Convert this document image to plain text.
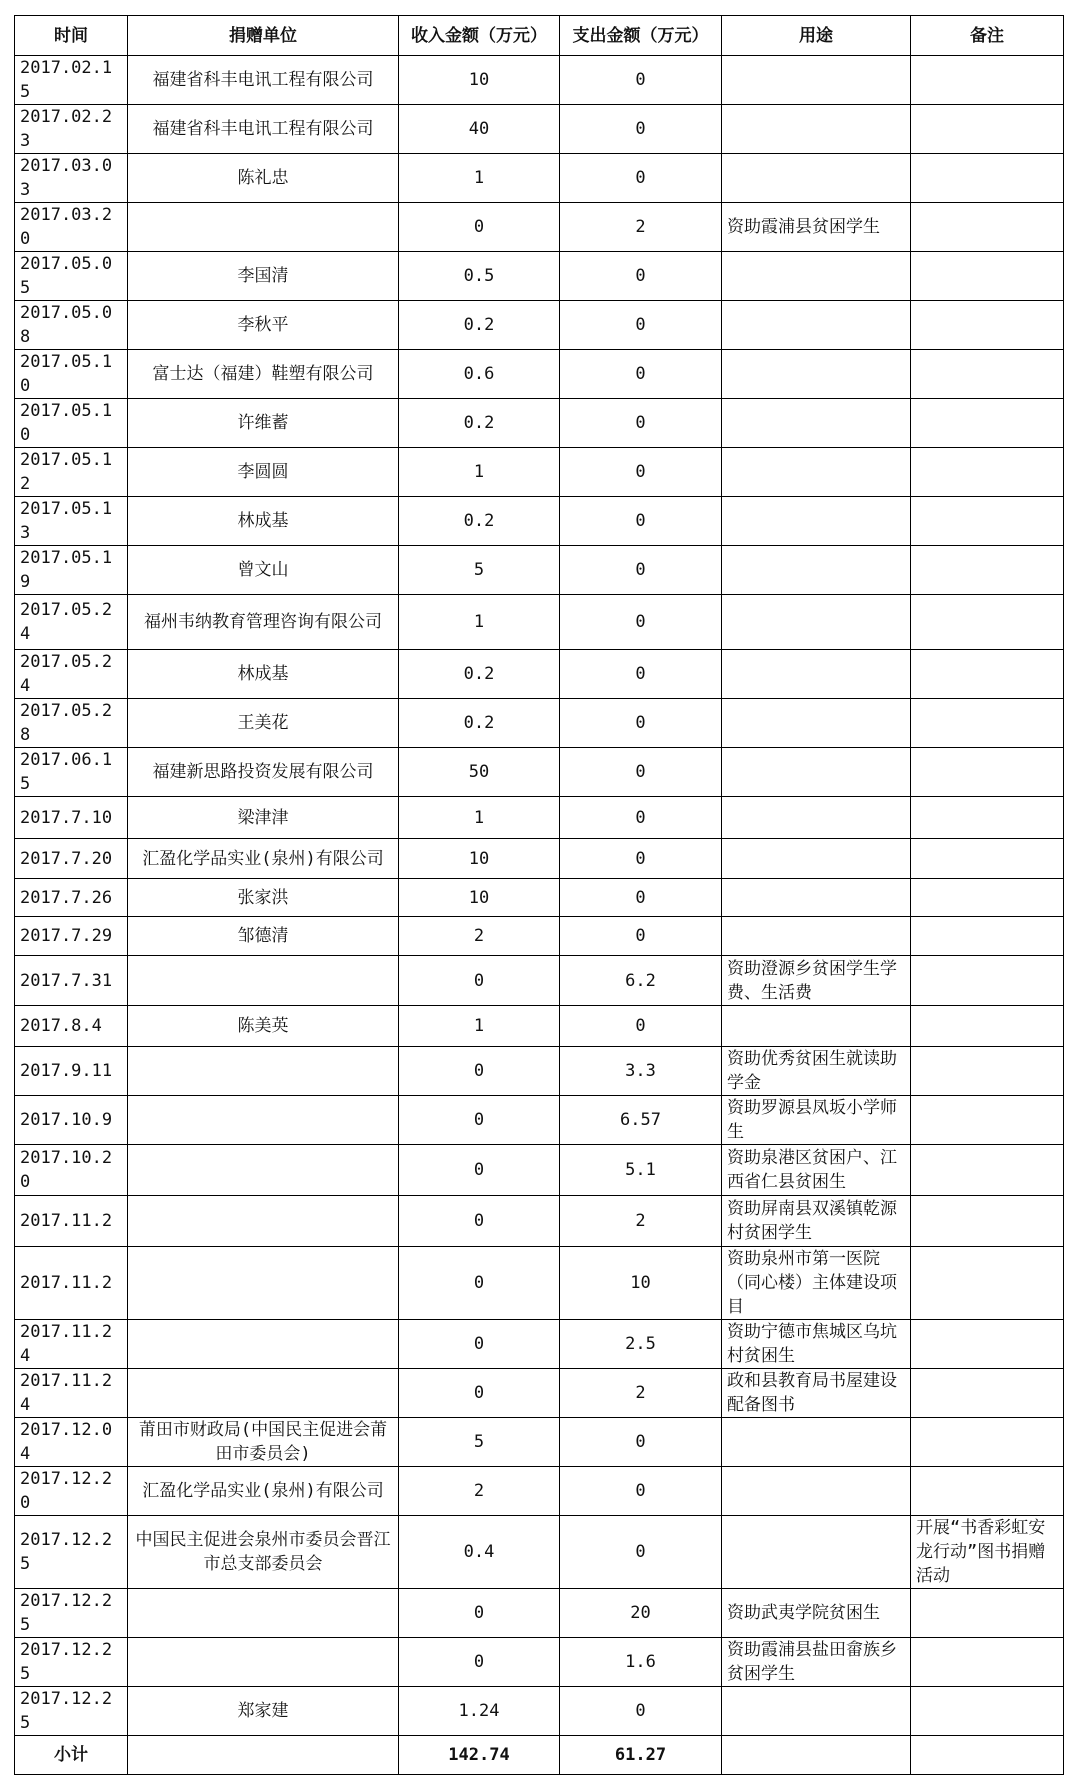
时间	捐赠单位	收入金额（万元）	支出金额（万元）	用途	备注
2017.02.15	福建省科丰电讯工程有限公司	10	0		
2017.02.23	福建省科丰电讯工程有限公司	40	0		
2017.03.03	陈礼忠	1	0		
2017.03.20		0	2	资助霞浦县贫困学生	
2017.05.05	李国清	0.5	0		
2017.05.08	李秋平	0.2	0		
2017.05.10	富士达（福建）鞋塑有限公司	0.6	0		
2017.05.10	许维蓄	0.2	0		
2017.05.12	李圆圆	1	0		
2017.05.13	林成基	0.2	0		
2017.05.19	曾文山	5	0		
2017.05.24	福州韦纳教育管理咨询有限公司	1	0		
2017.05.24	林成基	0.2	0		
2017.05.28	王美花	0.2	0		
2017.06.15	福建新思路投资发展有限公司	50	0		
2017.7.10	梁津津	1	0		
2017.7.20	汇盈化学品实业(泉州)有限公司	10	0		
2017.7.26	张家洪	10	0		
2017.7.29	邹德清	2	0		
2017.7.31		0	6.2	资助澄源乡贫困学生学费、生活费	
2017.8.4	陈美英	1	0		
2017.9.11		0	3.3	资助优秀贫困生就读助学金	
2017.10.9		0	6.57	资助罗源县凤坂小学师生	
2017.10.20		0	5.1	资助泉港区贫困户、江西省仁县贫困生	
2017.11.2		0	2	资助屏南县双溪镇乾源村贫困学生	
2017.11.2		0	10	资助泉州市第一医院（同心楼）主体建设项目	
2017.11.24		0	2.5	资助宁德市焦城区乌坑村贫困生	
2017.11.24		0	2	政和县教育局书屋建设配备图书	
2017.12.04	莆田市财政局(中国民主促进会莆田市委员会)	5	0		
2017.12.20	汇盈化学品实业(泉州)有限公司	2	0		
2017.12.25	中国民主促进会泉州市委员会晋江市总支部委员会	0.4	0		开展“书香彩虹安龙行动”图书捐赠活动
2017.12.25		0	20	资助武夷学院贫困生	
2017.12.25		0	1.6	资助霞浦县盐田畲族乡贫困学生	
2017.12.25	郑家建	1.24	0		
小计		142.74	61.27		
